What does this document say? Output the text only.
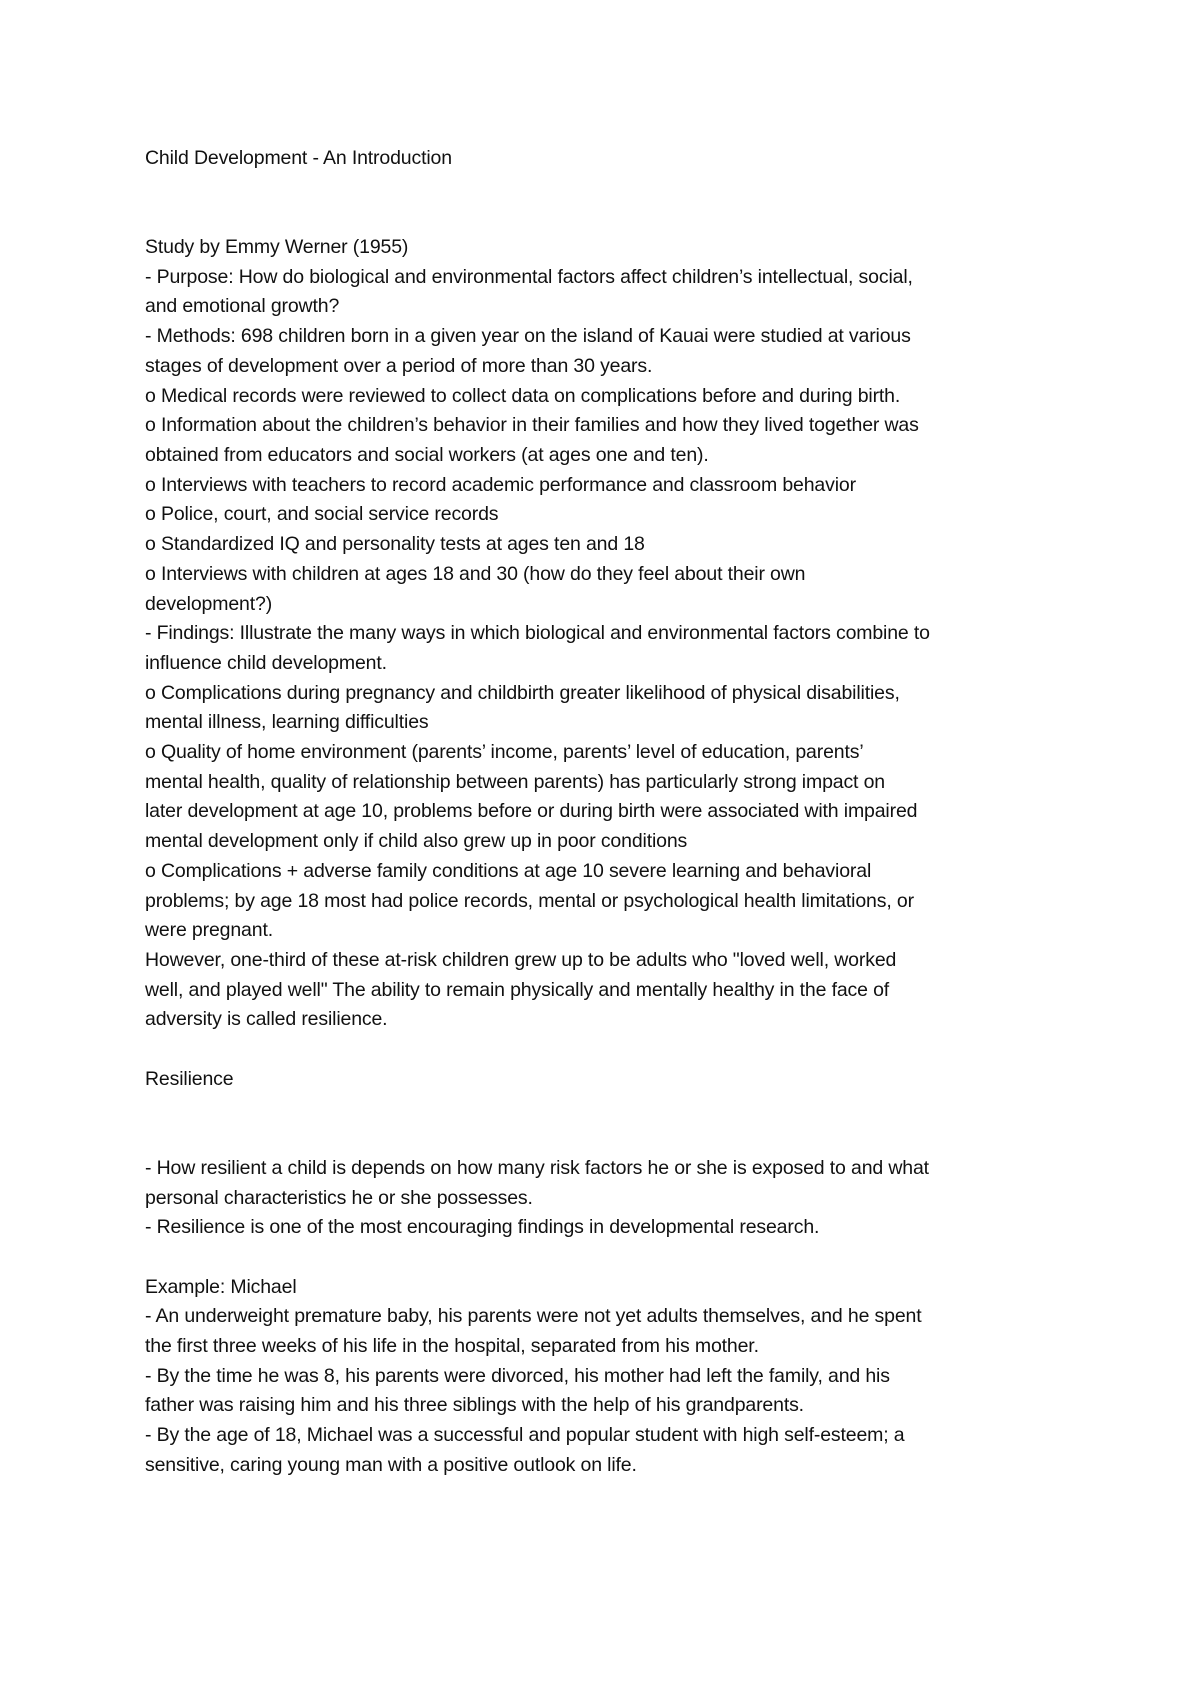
Child Development - An Introduction
Study by Emmy Werner (1955)
- Purpose: How do biological and environmental factors affect children’s intellectual, social,
and emotional growth?
- Methods: 698 children born in a given year on the island of Kauai were studied at various
stages of development over a period of more than 30 years.
o Medical records were reviewed to collect data on complications before and during birth.
o Information about the children’s behavior in their families and how they lived together was
obtained from educators and social workers (at ages one and ten).
o Interviews with teachers to record academic performance and classroom behavior
o Police, court, and social service records
o Standardized IQ and personality tests at ages ten and 18
o Interviews with children at ages 18 and 30 (how do they feel about their own
development?)
- Findings: Illustrate the many ways in which biological and environmental factors combine to
influence child development.
o Complications during pregnancy and childbirth greater likelihood of physical disabilities,
mental illness, learning difficulties
o Quality of home environment (parents’ income, parents’ level of education, parents’
mental health, quality of relationship between parents) has particularly strong impact on
later development at age 10, problems before or during birth were associated with impaired
mental development only if child also grew up in poor conditions
o Complications + adverse family conditions at age 10 severe learning and behavioral
problems; by age 18 most had police records, mental or psychological health limitations, or
were pregnant.
However, one-third of these at-risk children grew up to be adults who "loved well, worked
well, and played well" The ability to remain physically and mentally healthy in the face of
adversity is called resilience.
Resilience
- How resilient a child is depends on how many risk factors he or she is exposed to and what
personal characteristics he or she possesses.
- Resilience is one of the most encouraging findings in developmental research.
Example: Michael
- An underweight premature baby, his parents were not yet adults themselves, and he spent
the first three weeks of his life in the hospital, separated from his mother.
- By the time he was 8, his parents were divorced, his mother had left the family, and his
father was raising him and his three siblings with the help of his grandparents.
- By the age of 18, Michael was a successful and popular student with high self-esteem; a
sensitive, caring young man with a positive outlook on life.
